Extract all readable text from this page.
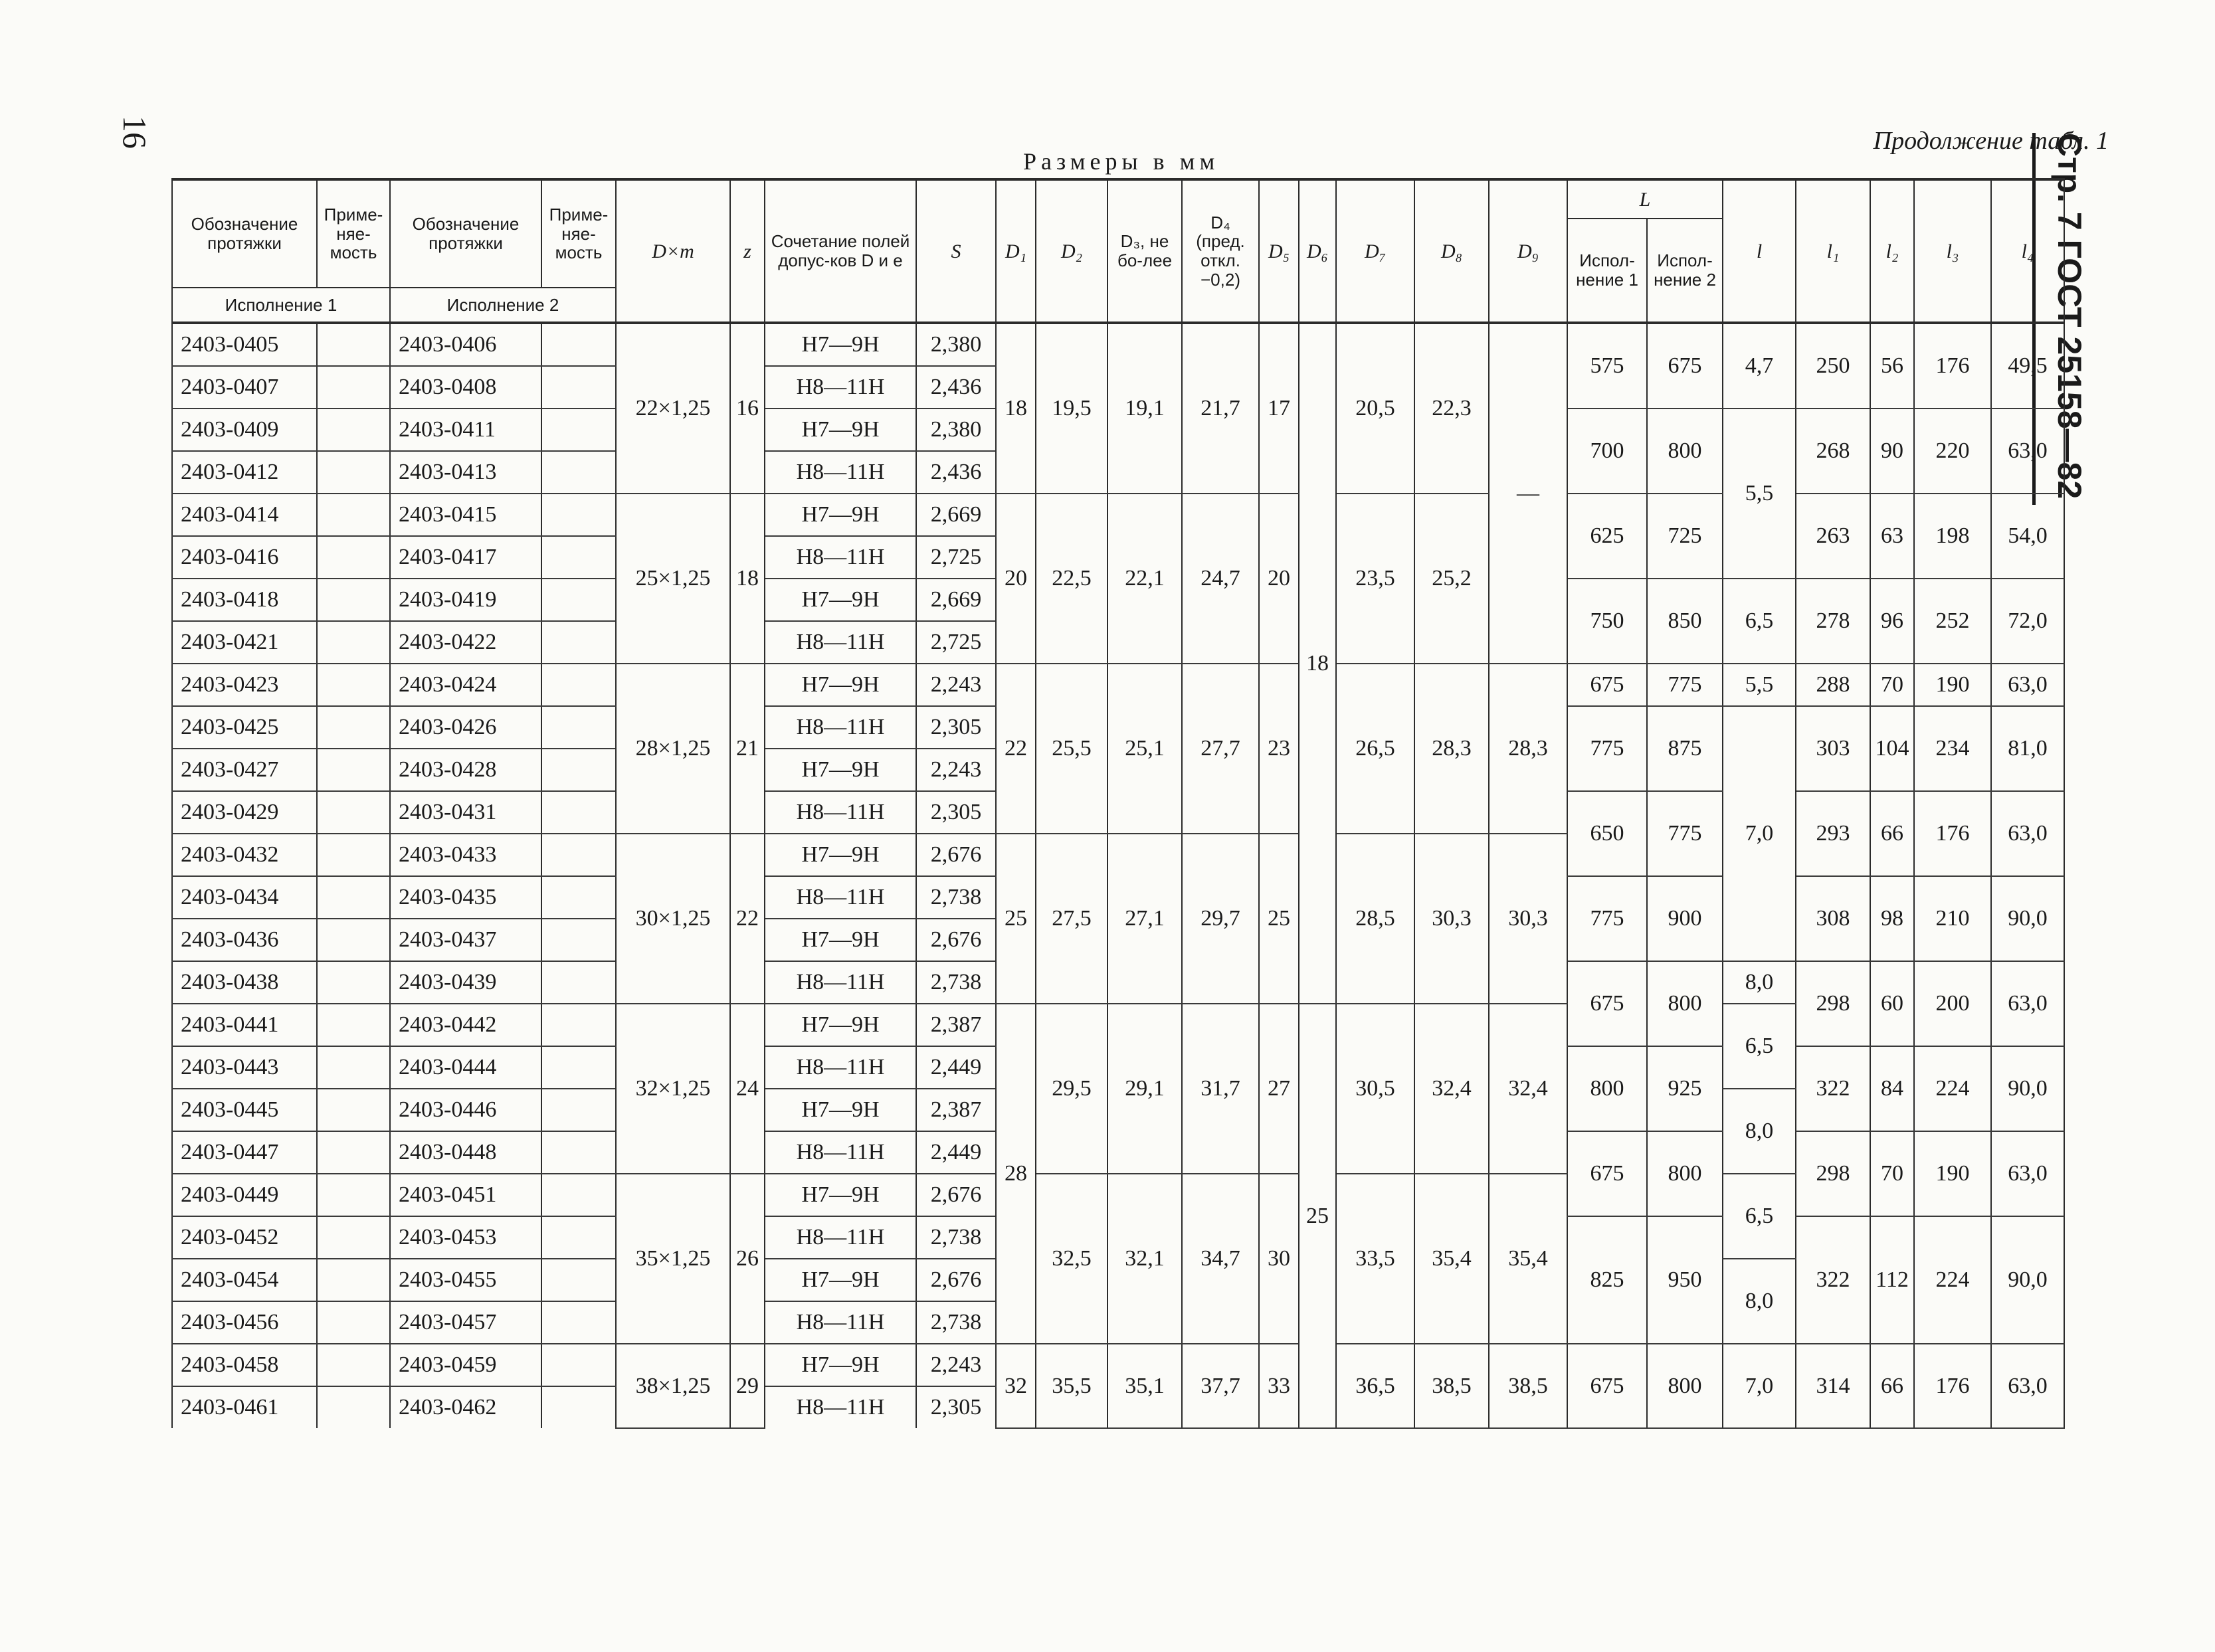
16	Продолжение табл. 1
Размеры в мм	Стр. 7 ГОСТ 25158—82
Обозначение протяжки	Приме-няе-мость	Обозначение протяжки	Приме-няе-мость	D×m	z	Сочетание полей допус-ков D и e	S	D₁	D₂	D₃, не бо-лее	D₄ (пред. откл. −0,2)	D₅	D₆	D₇	D₈	D₉	L		l	l₁	l₂	l₃	l₄
																	Испол-нение 1	Испол-нение 2					
Исполнение 1		Исполнение 2																					
2403-0405		2403-0406		22×1,25	16	H7—9H	2,380	18	19,5	19,1	21,7	17	18	20,5	22,3	—	575	675	4,7	250	56	176	49,5
2403-0407		2403-0408				H8—11H	2,436																
2403-0409		2403-0411				H7—9H	2,380										700	800	5,5	268	90	220	63,0
2403-0412		2403-0413				H8—11H	2,436																
2403-0414		2403-0415		25×1,25	18	H7—9H	2,669	20	22,5	22,1	24,7	20		23,5	25,2		625	725		263	63	198	54,0
2403-0416		2403-0417				H8—11H	2,725																
2403-0418		2403-0419				H7—9H	2,669										750	850	6,5	278	96	252	72,0
2403-0421		2403-0422				H8—11H	2,725																
2403-0423		2403-0424		28×1,25	21	H7—9H	2,243	22	25,5	25,1	27,7	23		26,5	28,3	28,3	675	775	5,5	288	70	190	63,0
2403-0425		2403-0426				H8—11H	2,305										775	875	7,0	303	104	234	81,0
2403-0427		2403-0428				H7—9H	2,243																
2403-0429		2403-0431				H8—11H	2,305										650	775		293	66	176	63,0
2403-0432		2403-0433		30×1,25	22	H7—9H	2,676	25	27,5	27,1	29,7	25		28,5	30,3	30,3							
2403-0434		2403-0435				H8—11H	2,738										775	900		308	98	210	90,0
2403-0436		2403-0437				H7—9H	2,676																
2403-0438		2403-0439				H8—11H	2,738										675	800	8,0	298	60	200	63,0
2403-0441		2403-0442		32×1,25	24	H7—9H	2,387	28	29,5	29,1	31,7	27	25	30,5	32,4	32,4			6,5				
2403-0443		2403-0444				H8—11H	2,449										800	925		322	84	224	90,0
2403-0445		2403-0446				H7—9H	2,387												8,0				
2403-0447		2403-0448				H8—11H	2,449										675	800		298	70	190	63,0
2403-0449		2403-0451		35×1,25	26	H7—9H	2,676		32,5	32,1	34,7	30		33,5	35,4	35,4			6,5				
2403-0452		2403-0453				H8—11H	2,738										825	950		322	112	224	90,0
2403-0454		2403-0455				H7—9H	2,676												8,0				
2403-0456		2403-0457				H8—11H	2,738																
2403-0458		2403-0459		38×1,25	29	H7—9H	2,243	32	35,5	35,1	37,7	33		36,5	38,5	38,5	675	800	7,0	314	66	176	63,0
2403-0461		2403-0462				H8—11H	2,305																
